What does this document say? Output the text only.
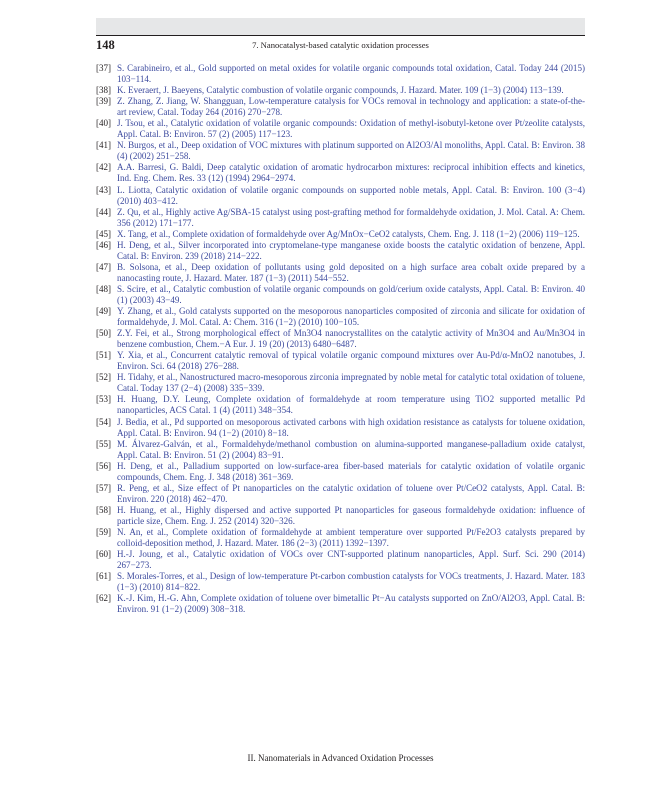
148	7. Nanocatalyst-based catalytic oxidation processes
[37] S. Carabineiro, et al., Gold supported on metal oxides for volatile organic compounds total oxidation, Catal. Today 244 (2015) 103−114.
[38] K. Everaert, J. Baeyens, Catalytic combustion of volatile organic compounds, J. Hazard. Mater. 109 (1−3) (2004) 113−139.
[39] Z. Zhang, Z. Jiang, W. Shangguan, Low-temperature catalysis for VOCs removal in technology and application: a state-of-the-art review, Catal. Today 264 (2016) 270−278.
[40] J. Tsou, et al., Catalytic oxidation of volatile organic compounds: Oxidation of methyl-isobutyl-ketone over Pt/zeolite catalysts, Appl. Catal. B: Environ. 57 (2) (2005) 117−123.
[41] N. Burgos, et al., Deep oxidation of VOC mixtures with platinum supported on Al2O3/Al monoliths, Appl. Catal. B: Environ. 38 (4) (2002) 251−258.
[42] A.A. Barresi, G. Baldi, Deep catalytic oxidation of aromatic hydrocarbon mixtures: reciprocal inhibition effects and kinetics, Ind. Eng. Chem. Res. 33 (12) (1994) 2964−2974.
[43] L. Liotta, Catalytic oxidation of volatile organic compounds on supported noble metals, Appl. Catal. B: Environ. 100 (3−4) (2010) 403−412.
[44] Z. Qu, et al., Highly active Ag/SBA-15 catalyst using post-grafting method for formaldehyde oxidation, J. Mol. Catal. A: Chem. 356 (2012) 171−177.
[45] X. Tang, et al., Complete oxidation of formaldehyde over Ag/MnOx−CeO2 catalysts, Chem. Eng. J. 118 (1−2) (2006) 119−125.
[46] H. Deng, et al., Silver incorporated into cryptomelane-type manganese oxide boosts the catalytic oxidation of benzene, Appl. Catal. B: Environ. 239 (2018) 214−222.
[47] B. Solsona, et al., Deep oxidation of pollutants using gold deposited on a high surface area cobalt oxide prepared by a nanocasting route, J. Hazard. Mater. 187 (1−3) (2011) 544−552.
[48] S. Scire, et al., Catalytic combustion of volatile organic compounds on gold/cerium oxide catalysts, Appl. Catal. B: Environ. 40 (1) (2003) 43−49.
[49] Y. Zhang, et al., Gold catalysts supported on the mesoporous nanoparticles composited of zirconia and silicate for oxidation of formaldehyde, J. Mol. Catal. A: Chem. 316 (1−2) (2010) 100−105.
[50] Z.Y. Fei, et al., Strong morphological effect of Mn3O4 nanocrystallites on the catalytic activity of Mn3O4 and Au/Mn3O4 in benzene combustion, Chem.−A Eur. J. 19 (20) (2013) 6480−6487.
[51] Y. Xia, et al., Concurrent catalytic removal of typical volatile organic compound mixtures over Au-Pd/α-MnO2 nanotubes, J. Environ. Sci. 64 (2018) 276−288.
[52] H. Tidahy, et al., Nanostructured macro-mesoporous zirconia impregnated by noble metal for catalytic total oxidation of toluene, Catal. Today 137 (2−4) (2008) 335−339.
[53] H. Huang, D.Y. Leung, Complete oxidation of formaldehyde at room temperature using TiO2 supported metallic Pd nanoparticles, ACS Catal. 1 (4) (2011) 348−354.
[54] J. Bedia, et al., Pd supported on mesoporous activated carbons with high oxidation resistance as catalysts for toluene oxidation, Appl. Catal. B: Environ. 94 (1−2) (2010) 8−18.
[55] M. Álvarez-Galván, et al., Formaldehyde/methanol combustion on alumina-supported manganese-palladium oxide catalyst, Appl. Catal. B: Environ. 51 (2) (2004) 83−91.
[56] H. Deng, et al., Palladium supported on low-surface-area fiber-based materials for catalytic oxidation of volatile organic compounds, Chem. Eng. J. 348 (2018) 361−369.
[57] R. Peng, et al., Size effect of Pt nanoparticles on the catalytic oxidation of toluene over Pt/CeO2 catalysts, Appl. Catal. B: Environ. 220 (2018) 462−470.
[58] H. Huang, et al., Highly dispersed and active supported Pt nanoparticles for gaseous formaldehyde oxidation: influence of particle size, Chem. Eng. J. 252 (2014) 320−326.
[59] N. An, et al., Complete oxidation of formaldehyde at ambient temperature over supported Pt/Fe2O3 catalysts prepared by colloid-deposition method, J. Hazard. Mater. 186 (2−3) (2011) 1392−1397.
[60] H.-J. Joung, et al., Catalytic oxidation of VOCs over CNT-supported platinum nanoparticles, Appl. Surf. Sci. 290 (2014) 267−273.
[61] S. Morales-Torres, et al., Design of low-temperature Pt-carbon combustion catalysts for VOCs treatments, J. Hazard. Mater. 183 (1−3) (2010) 814−822.
[62] K.-J. Kim, H.-G. Ahn, Complete oxidation of toluene over bimetallic Pt−Au catalysts supported on ZnO/Al2O3, Appl. Catal. B: Environ. 91 (1−2) (2009) 308−318.
II. Nanomaterials in Advanced Oxidation Processes
